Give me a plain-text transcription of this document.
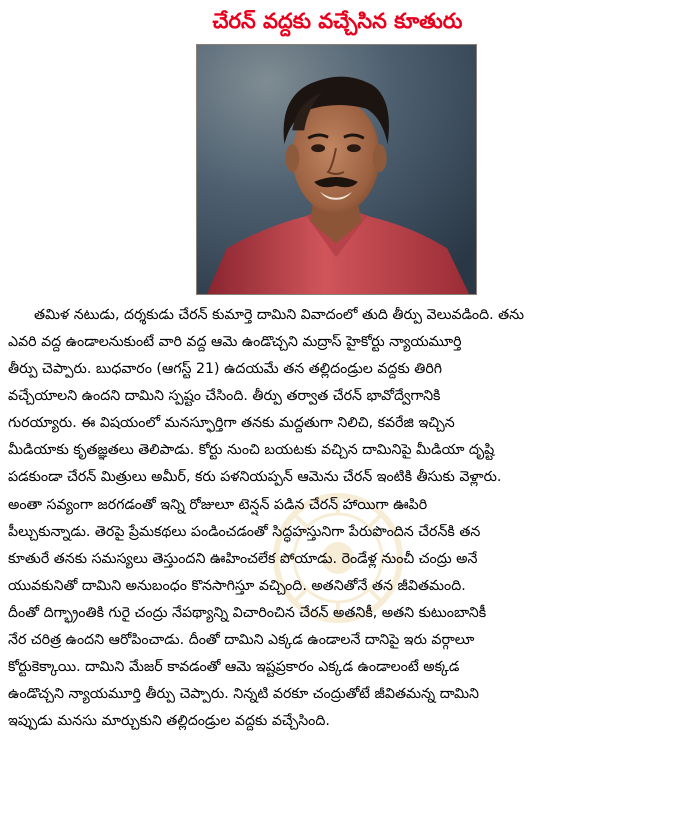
చేరన్ వద్దకు వచ్చేసిన కూతురు
తమిళ నటుడు, దర్శకుడు చేరన్ కుమార్తె దామిని వివాదంలో తుది తీర్పు వెలువడింది. తను
ఎవరి వద్ద ఉండాలనుకుంటే వారి వద్ద ఆమె ఉండొచ్చని మద్రాస్ హైకోర్టు న్యాయమూర్తి
తీర్పు చెప్పారు. బుధవారం (ఆగస్ట్ 21) ఉదయమే తన తల్లిదండ్రుల వద్దకు తిరిగి
వచ్చేయాలని ఉందని దామిని స్పష్టం చేసింది. తీర్పు తర్వాత చేరన్ భావోద్వేగానికి
గురయ్యారు. ఈ విషయంలో మనస్ఫూర్తిగా తనకు మద్దతుగా నిలిచి, కవరేజి ఇచ్చిన
మీడియాకు కృతజ్ఞతలు తెలిపాడు. కోర్టు నుంచి బయటకు వచ్చిన దామినిపై మీడియా దృష్టి
పడకుండా చేరన్ మిత్రులు అమీర్, కరు పళనియప్పన్ ఆమెను చేరన్ ఇంటికి తీసుకు వెళ్లారు.
అంతా సవ్యంగా జరగడంతో ఇన్ని రోజులూ టెన్షన్ పడిన చేరన్ హాయిగా ఊపిరి
పీల్చుకున్నాడు. తెరపై ప్రేమకథలు పండించడంతో సిద్ధహస్తునిగా పేరుపొందిన చేరన్‌కి తన
కూతురే తనకు సమస్యలు తెస్తుందని ఊహించలేక పోయాడు. రెండేళ్ల నుంచీ చంద్రు అనే
యువకునితో దామిని అనుబంధం కొనసాగిస్తూ వచ్చింది. అతనితోనే తన జీవితమంది.
దీంతో దిగ్భ్రాంతికి గురై చంద్రు నేపథ్యాన్ని విచారించిన చేరన్ అతనికీ, అతని కుటుంబానికీ
నేర చరిత్ర ఉందని ఆరోపించాడు. దీంతో దామిని ఎక్కడ ఉండాలనే దానిపై ఇరు వర్గాలూ
కోర్టుకెక్కాయి. దామిని మేజర్ కావడంతో ఆమె ఇష్టప్రకారం ఎక్కడ ఉండాలంటే అక్కడ
ఉండొచ్చని న్యాయమూర్తి తీర్పు చెప్పారు. నిన్నటి వరకూ చంద్రుతోటే జీవితమన్న దామిని
ఇప్పుడు మనసు మార్చుకుని తల్లిదండ్రుల వద్దకు వచ్చేసింది.
